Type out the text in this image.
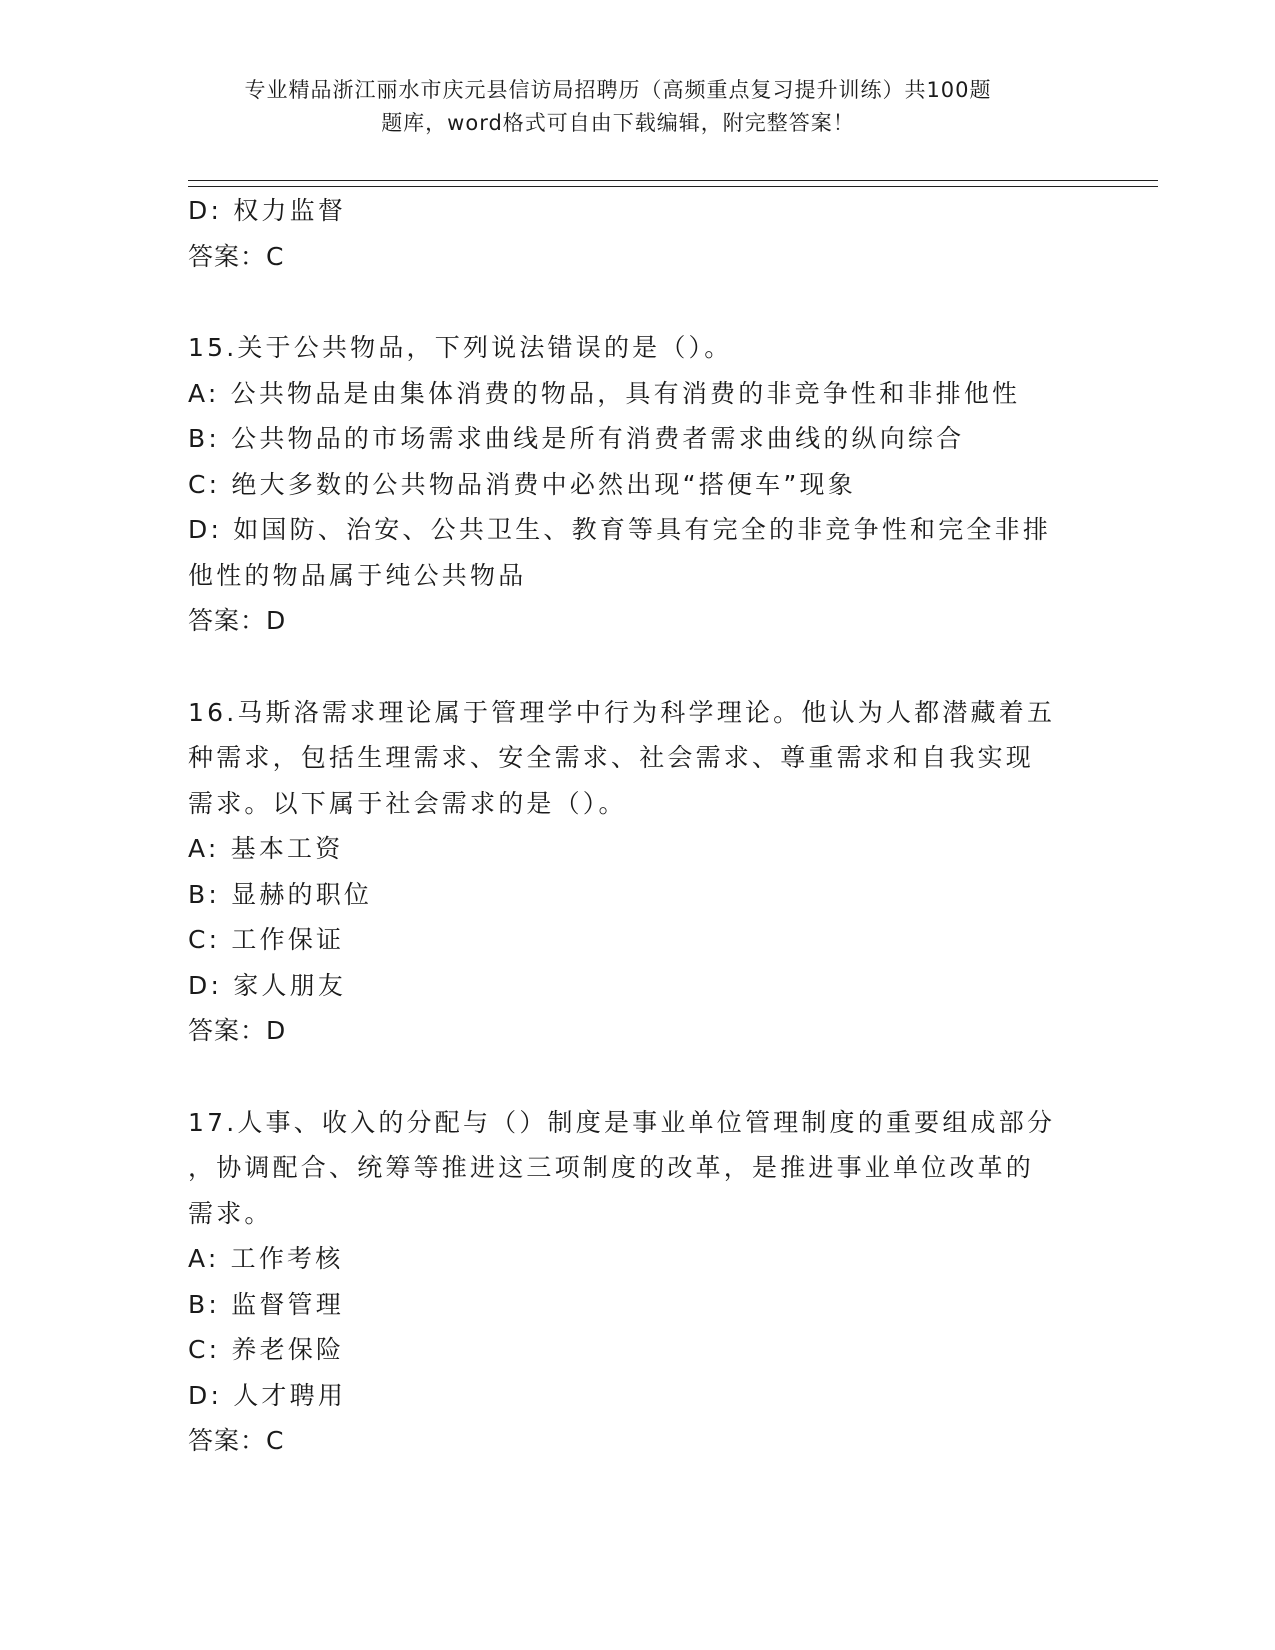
专业精品浙江丽水市庆元县信访局招聘历（高频重点复习提升训练）共100题
题库，word格式可自由下载编辑，附完整答案！
D: 权力监督
答案：C
15.关于公共物品，下列说法错误的是（）。
A: 公共物品是由集体消费的物品，具有消费的非竞争性和非排他性
B: 公共物品的市场需求曲线是所有消费者需求曲线的纵向综合
C: 绝大多数的公共物品消费中必然出现“搭便车”现象
D: 如国防、治安、公共卫生、教育等具有完全的非竞争性和完全非排
他性的物品属于纯公共物品
答案：D
16.马斯洛需求理论属于管理学中行为科学理论。他认为人都潜藏着五
种需求，包括生理需求、安全需求、社会需求、尊重需求和自我实现
需求。以下属于社会需求的是（）。
A: 基本工资
B: 显赫的职位
C: 工作保证
D: 家人朋友
答案：D
17.人事、收入的分配与（）制度是事业单位管理制度的重要组成部分
，协调配合、统筹等推进这三项制度的改革，是推进事业单位改革的
需求。
A: 工作考核
B: 监督管理
C: 养老保险
D: 人才聘用
答案：C
